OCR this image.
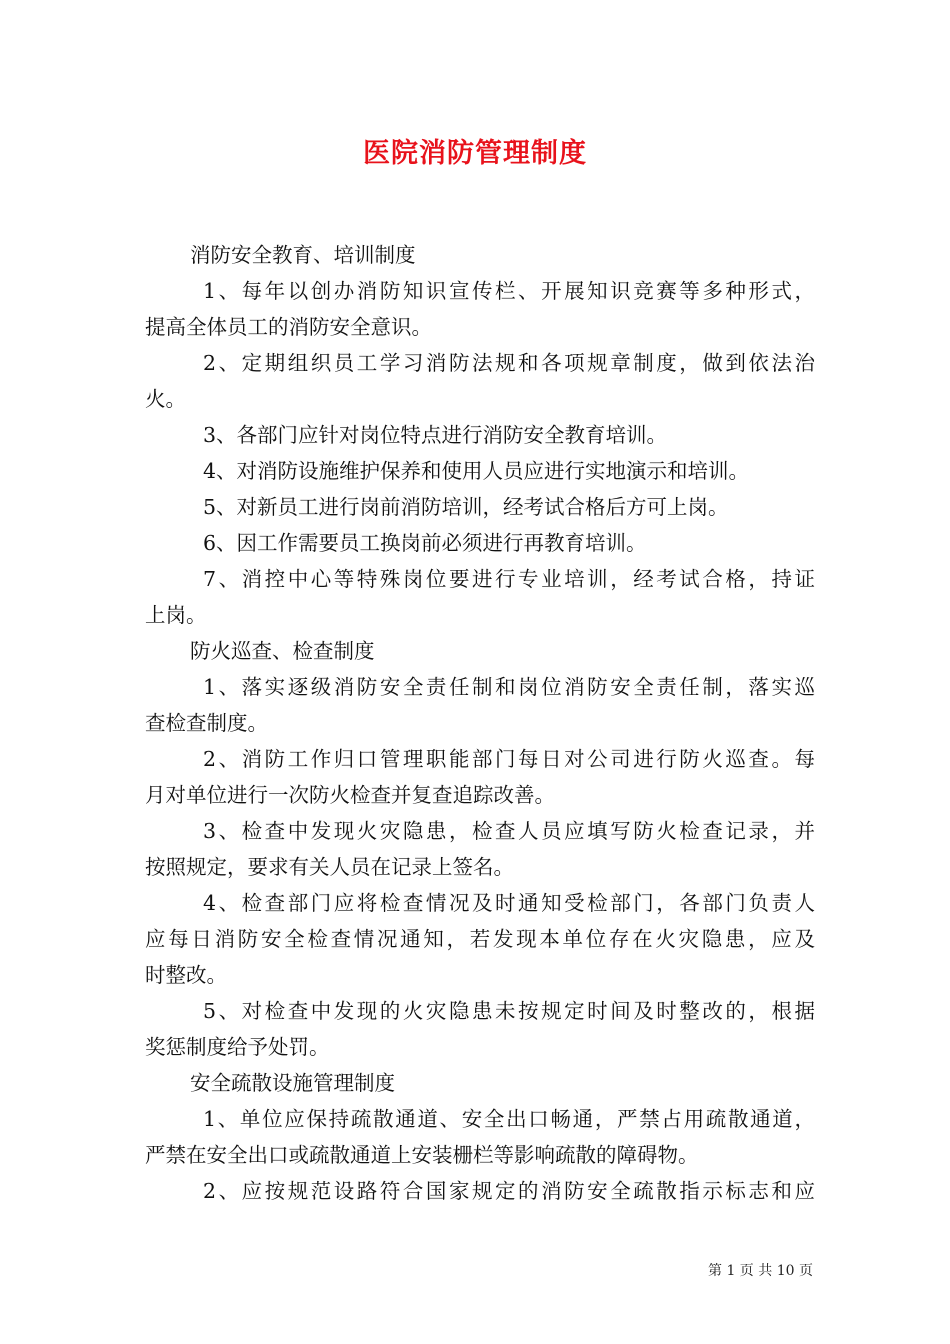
医院消防管理制度
消防安全教育、培训制度
1、每年以创办消防知识宣传栏、开展知识竞赛等多种形式，
提高全体员工的消防安全意识。
2、定期组织员工学习消防法规和各项规章制度，做到依法治
火。
3、各部门应针对岗位特点进行消防安全教育培训。
4、对消防设施维护保养和使用人员应进行实地演示和培训。
5、对新员工进行岗前消防培训，经考试合格后方可上岗。
6、因工作需要员工换岗前必须进行再教育培训。
7、消控中心等特殊岗位要进行专业培训，经考试合格，持证
上岗。
防火巡查、检查制度
1、落实逐级消防安全责任制和岗位消防安全责任制，落实巡
查检查制度。
2、消防工作归口管理职能部门每日对公司进行防火巡查。每
月对单位进行一次防火检查并复查追踪改善。
3、检查中发现火灾隐患，检查人员应填写防火检查记录，并
按照规定，要求有关人员在记录上签名。
4、检查部门应将检查情况及时通知受检部门，各部门负责人
应每日消防安全检查情况通知，若发现本单位存在火灾隐患，应及
时整改。
5、对检查中发现的火灾隐患未按规定时间及时整改的，根据
奖惩制度给予处罚。
安全疏散设施管理制度
1、单位应保持疏散通道、安全出口畅通，严禁占用疏散通道，
严禁在安全出口或疏散通道上安装栅栏等影响疏散的障碍物。
2、应按规范设路符合国家规定的消防安全疏散指示标志和应
第 1 页 共 10 页
